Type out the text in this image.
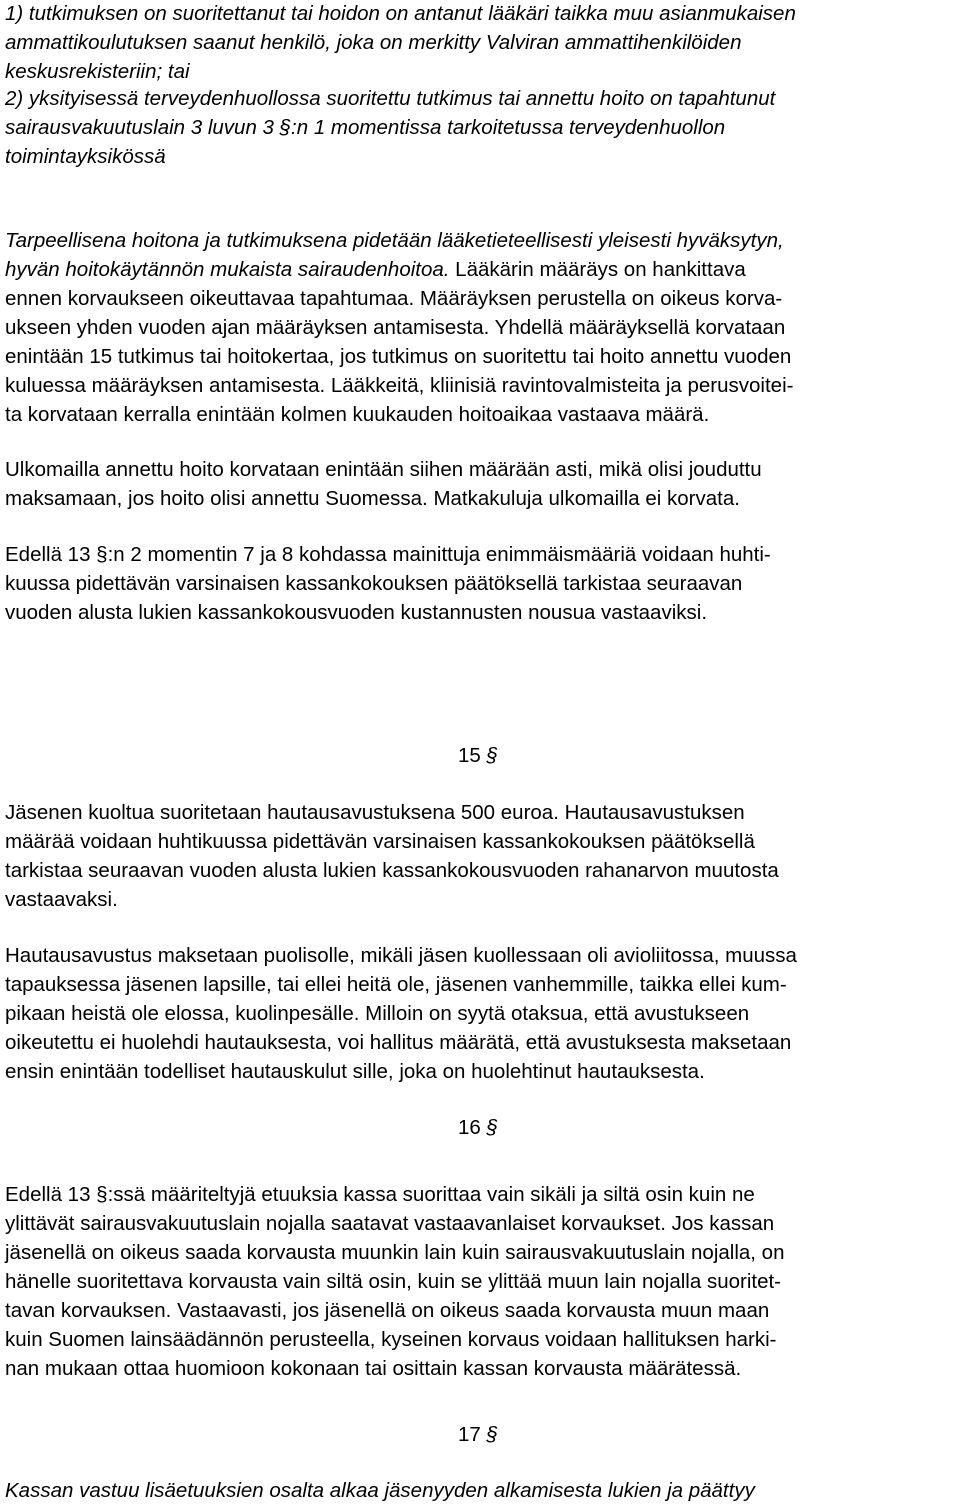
1) tutkimuksen on suoritettanut tai hoidon on antanut lääkäri taikka muu asianmukaisen
ammattikoulutuksen saanut henkilö, joka on merkitty Valviran ammattihenkilöiden
keskusrekisteriin; tai
2) yksityisessä terveydenhuollossa suoritettu tutkimus tai annettu hoito on tapahtunut
sairausvakuutuslain 3 luvun 3 §:n 1 momentissa tarkoitetussa terveydenhuollon
toimintayksikössä
Tarpeellisena hoitona ja tutkimuksena pidetään lääketieteellisesti yleisesti hyväksytyn,
hyvän hoitokäytännön mukaista sairaudenhoitoa. Lääkärin määräys on hankittava
ennen korvaukseen oikeuttavaa tapahtumaa. Määräyksen perustella on oikeus korva-
ukseen yhden vuoden ajan määräyksen antamisesta. Yhdellä määräyksellä korvataan
enintään 15 tutkimus tai hoitokertaa, jos tutkimus on suoritettu tai hoito annettu vuoden
kuluessa määräyksen antamisesta. Lääkkeitä, kliinisiä ravintovalmisteita ja perusvoitei-
ta korvataan kerralla enintään kolmen kuukauden hoitoaikaa vastaava määrä.
Ulkomailla annettu hoito korvataan enintään siihen määrään asti, mikä olisi jouduttu
maksamaan, jos hoito olisi annettu Suomessa. Matkakuluja ulkomailla ei korvata.
Edellä 13 §:n 2 momentin 7 ja 8 kohdassa mainittuja enimmäismääriä voidaan huhti-
kuussa pidettävän varsinaisen kassankokouksen päätöksellä tarkistaa seuraavan
vuoden alusta lukien kassankokousvuoden kustannusten nousua vastaaviksi.
15 §
Jäsenen kuoltua suoritetaan hautausavustuksena 500 euroa. Hautausavustuksen
määrää voidaan huhtikuussa pidettävän varsinaisen kassankokouksen päätöksellä
tarkistaa seuraavan vuoden alusta lukien kassankokousvuoden rahanarvon muutosta
vastaavaksi.
Hautausavustus maksetaan puolisolle, mikäli jäsen kuollessaan oli avioliitossa, muussa
tapauksessa jäsenen lapsille, tai ellei heitä ole, jäsenen vanhemmille, taikka ellei kum-
pikaan heistä ole elossa, kuolinpesälle. Milloin on syytä otaksua, että avustukseen
oikeutettu ei huolehdi hautauksesta, voi hallitus määrätä, että avustuksesta maksetaan
ensin enintään todelliset hautauskulut sille, joka on huolehtinut hautauksesta.
16 §
Edellä 13 §:ssä määriteltyjä etuuksia kassa suorittaa vain sikäli ja siltä osin kuin ne
ylittävät sairausvakuutuslain nojalla saatavat vastaavanlaiset korvaukset. Jos kassan
jäsenellä on oikeus saada korvausta muunkin lain kuin sairausvakuutuslain nojalla, on
hänelle suoritettava korvausta vain siltä osin, kuin se ylittää muun lain nojalla suoritet-
tavan korvauksen. Vastaavasti, jos jäsenellä on oikeus saada korvausta muun maan
kuin Suomen lainsäädännön perusteella, kyseinen korvaus voidaan hallituksen harki-
nan mukaan ottaa huomioon kokonaan tai osittain kassan korvausta määrätessä.
17 §
Kassan vastuu lisäetuuksien osalta alkaa jäsenyyden alkamisesta lukien ja päättyy
